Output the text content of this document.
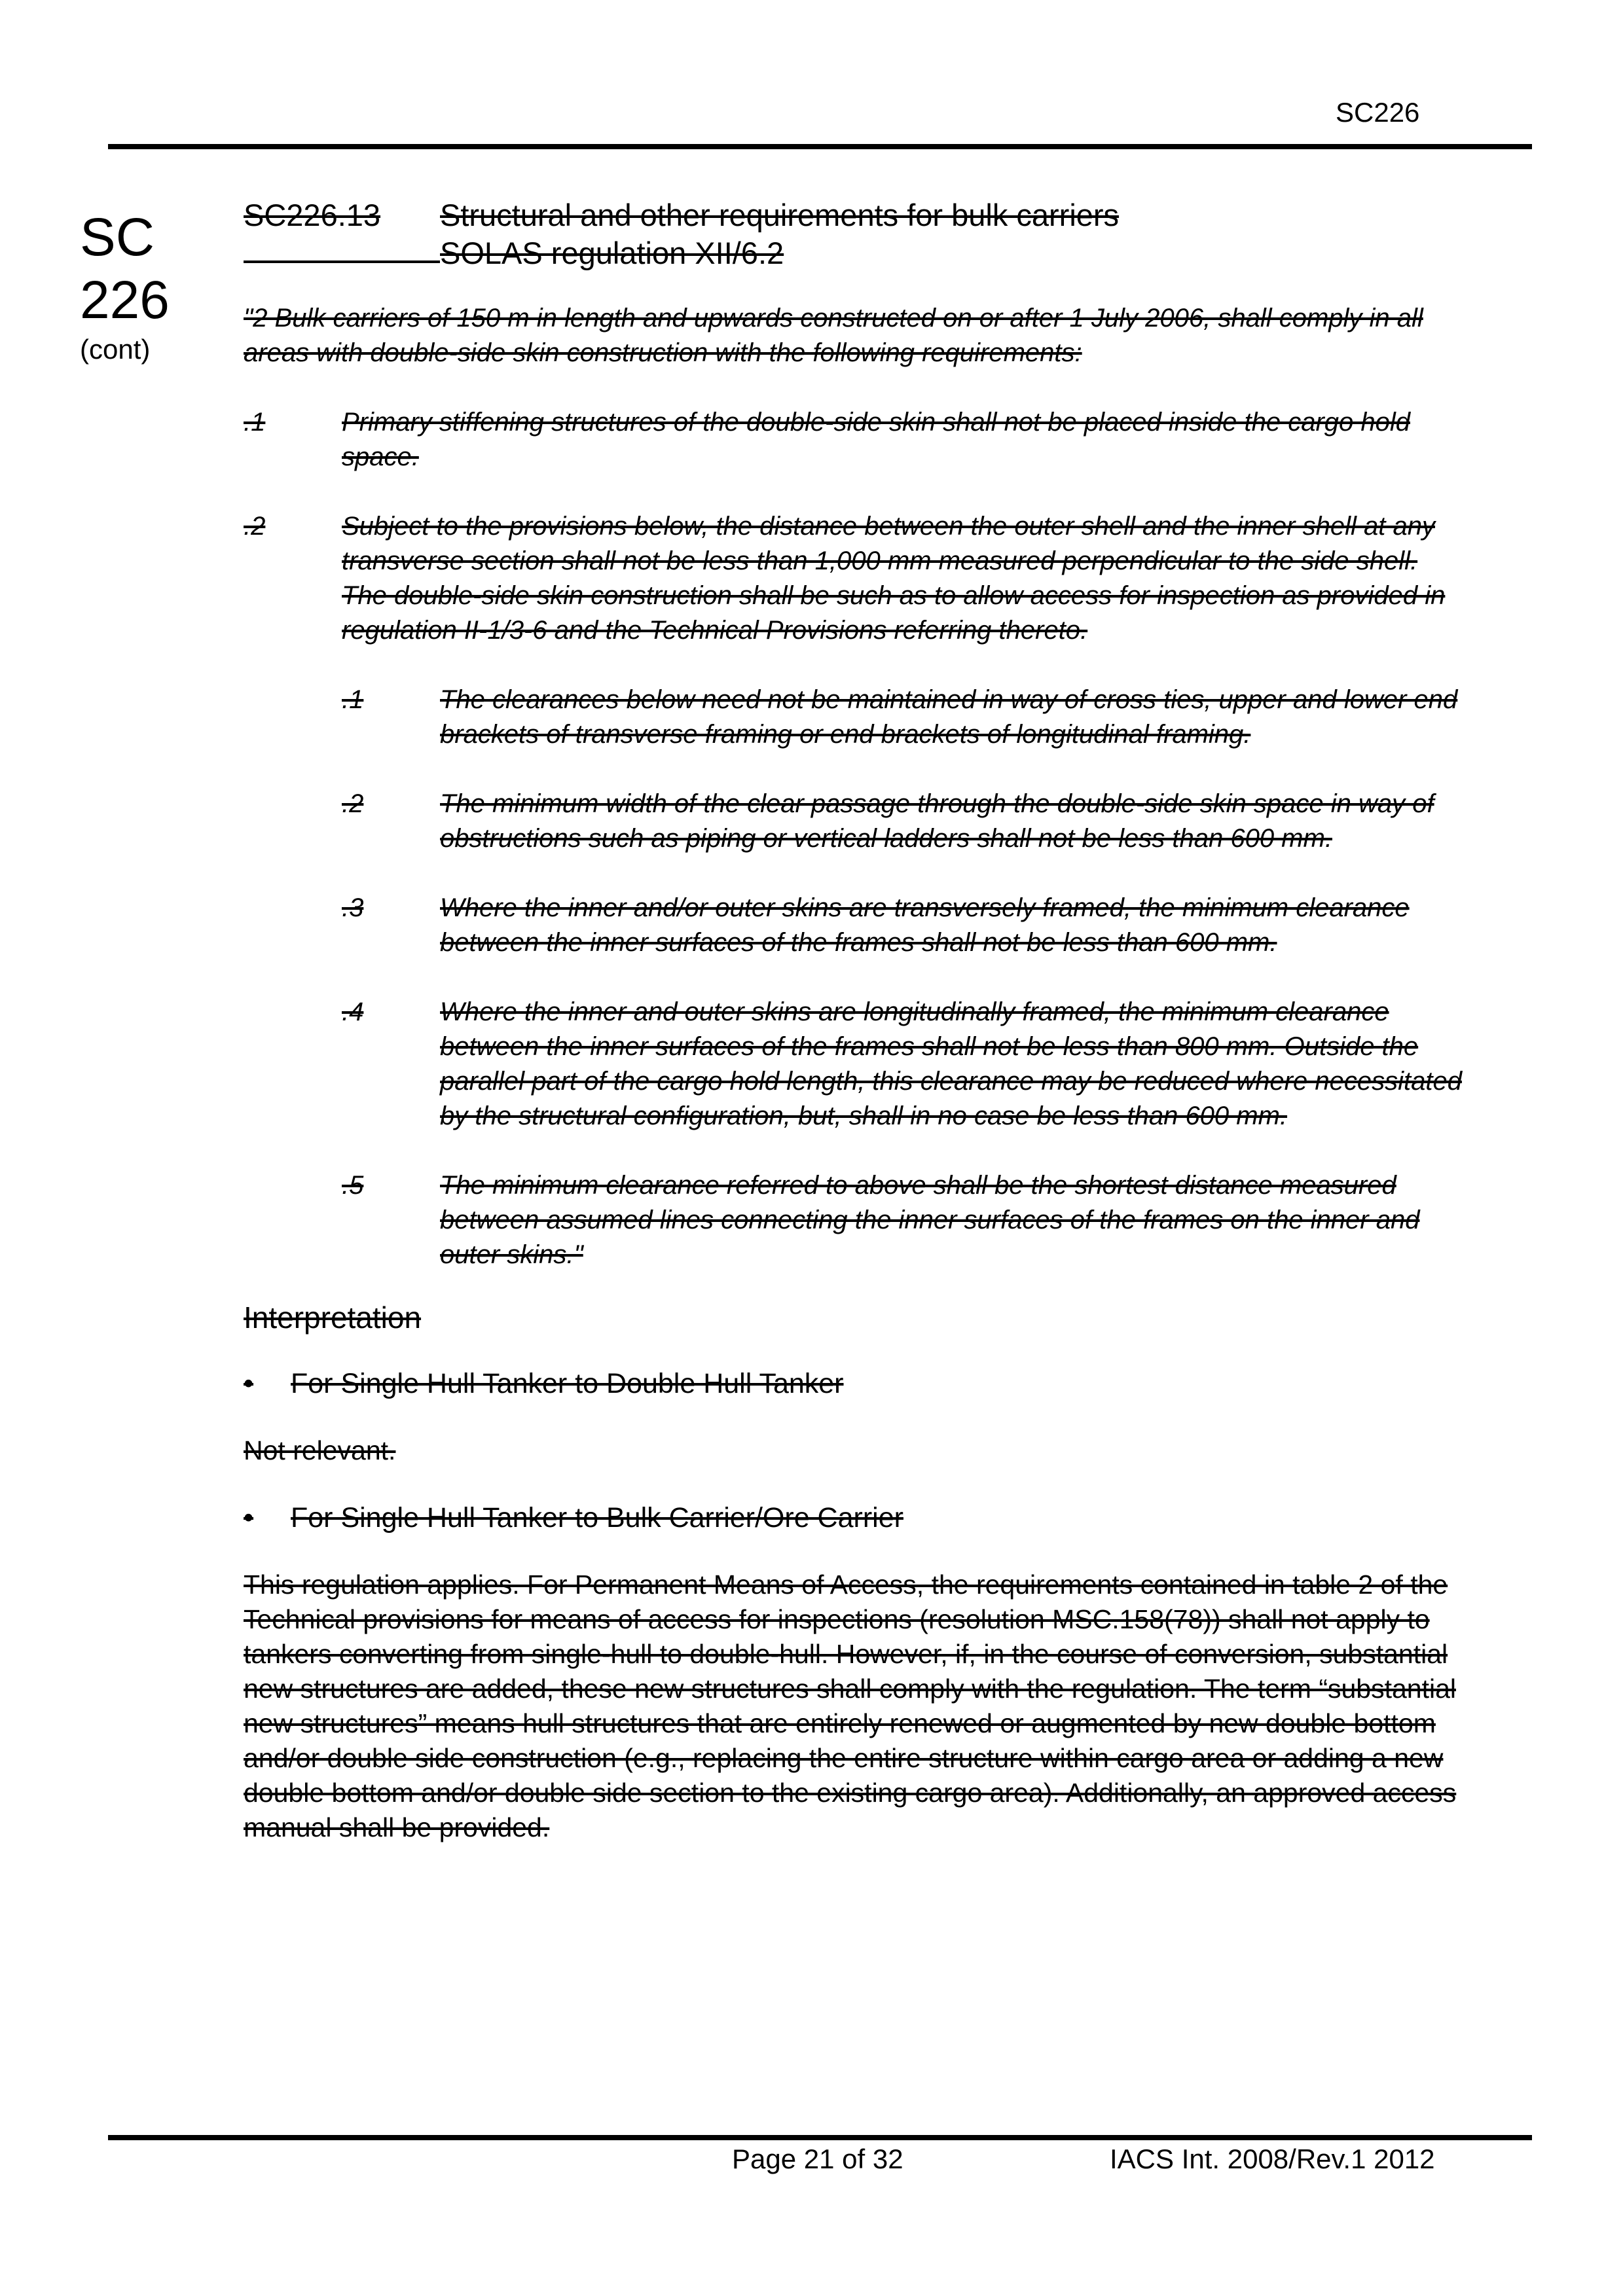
SC226
SC
226
(cont)
SC226.13	Structural and other requirements for bulk carriers
SOLAS regulation XII/6.2

"2 Bulk carriers of 150 m in length and upwards constructed on or after 1 July 2006, shall comply in all areas with double-side skin construction with the following requirements:

.1	Primary stiffening structures of the double-side skin shall not be placed inside the cargo hold space.
.2	Subject to the provisions below, the distance between the outer shell and the inner shell at any transverse section shall not be less than 1,000 mm measured perpendicular to the side shell. The double-side skin construction shall be such as to allow access for inspection as provided in regulation II-1/3-6 and the Technical Provisions referring thereto.
.1	The clearances below need not be maintained in way of cross ties, upper and lower end brackets of transverse framing or end brackets of longitudinal framing.
.2	The minimum width of the clear passage through the double-side skin space in way of obstructions such as piping or vertical ladders shall not be less than 600 mm.
.3	Where the inner and/or outer skins are transversely framed, the minimum clearance between the inner surfaces of the frames shall not be less than 600 mm.
.4	Where the inner and outer skins are longitudinally framed, the minimum clearance between the inner surfaces of the frames shall not be less than 800 mm. Outside the parallel part of the cargo hold length, this clearance may be reduced where necessitated by the structural configuration, but, shall in no case be less than 600 mm.
.5	The minimum clearance referred to above shall be the shortest distance measured between assumed lines connecting the inner surfaces of the frames on the inner and outer skins."
Interpretation
•	For Single Hull Tanker to Double Hull Tanker
Not relevant.
•	For Single Hull Tanker to Bulk Carrier/Ore Carrier
This regulation applies. For Permanent Means of Access, the requirements contained in table 2 of the Technical provisions for means of access for inspections (resolution MSC.158(78)) shall not apply to tankers converting from single-hull to double-hull. However, if, in the course of conversion, substantial new structures are added, these new structures shall comply with the regulation. The term “substantial new structures” means hull structures that are entirely renewed or augmented by new double bottom and/or double side construction (e.g., replacing the entire structure within cargo area or adding a new double bottom and/or double side section to the existing cargo area). Additionally, an approved access manual shall be provided.
Page 21 of 32	IACS Int. 2008/Rev.1 2012
